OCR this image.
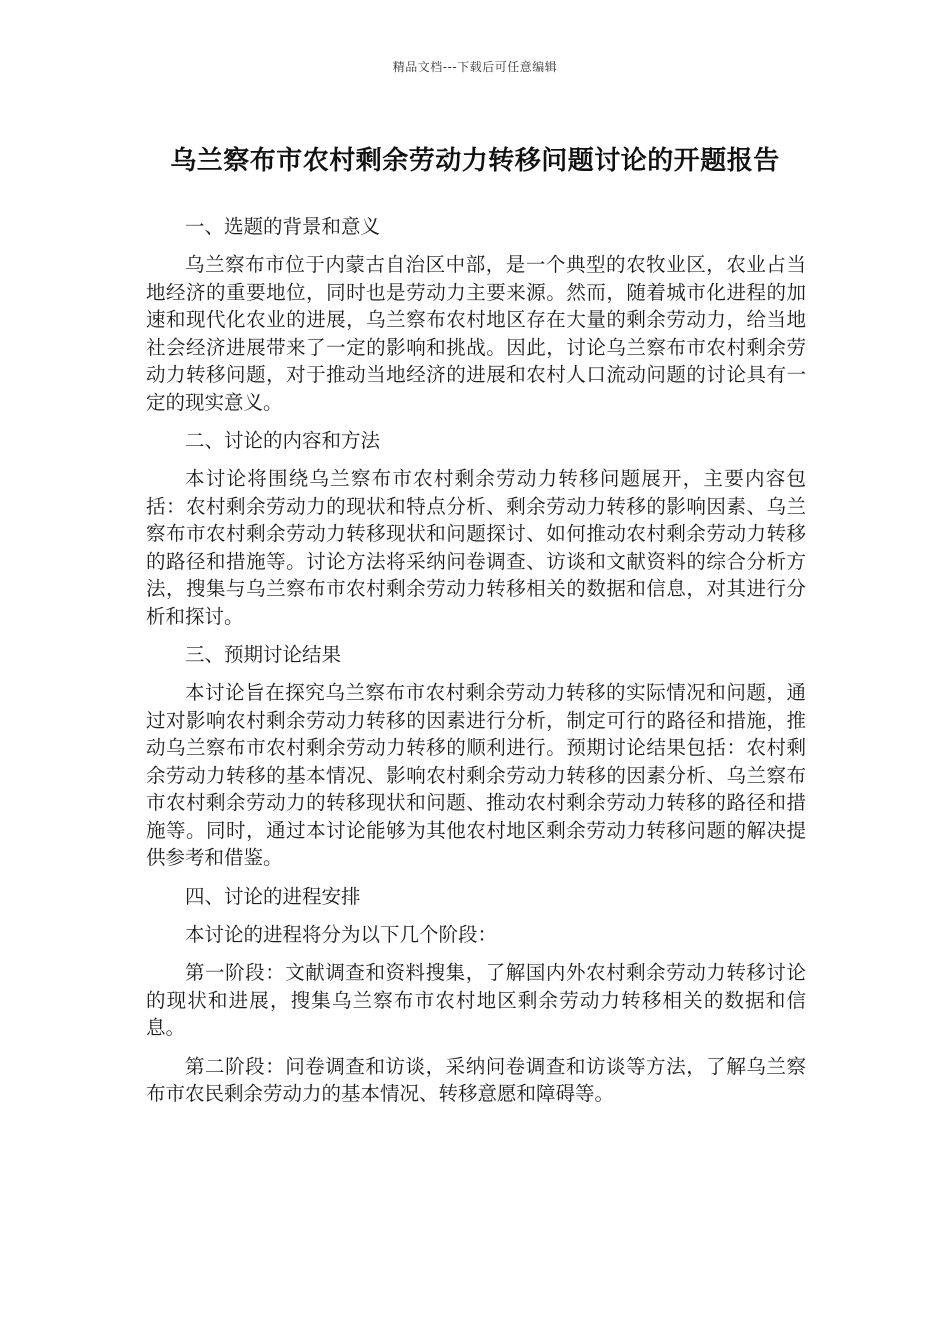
精品文档---下载后可任意编辑
乌兰察布市农村剩余劳动力转移问题讨论的开题报告
一、选题的背景和意义
乌兰察布市位于内蒙古自治区中部，是一个典型的农牧业区，农业占当地经济的重要地位，同时也是劳动力主要来源。然而，随着城市化进程的加速和现代化农业的进展，乌兰察布农村地区存在大量的剩余劳动力，给当地社会经济进展带来了一定的影响和挑战。因此，讨论乌兰察布市农村剩余劳动力转移问题，对于推动当地经济的进展和农村人口流动问题的讨论具有一定的现实意义。
二、讨论的内容和方法
本讨论将围绕乌兰察布市农村剩余劳动力转移问题展开，主要内容包括：农村剩余劳动力的现状和特点分析、剩余劳动力转移的影响因素、乌兰察布市农村剩余劳动力转移现状和问题探讨、如何推动农村剩余劳动力转移的路径和措施等。讨论方法将采纳问卷调查、访谈和文献资料的综合分析方法，搜集与乌兰察布市农村剩余劳动力转移相关的数据和信息，对其进行分析和探讨。
三、预期讨论结果
本讨论旨在探究乌兰察布市农村剩余劳动力转移的实际情况和问题，通过对影响农村剩余劳动力转移的因素进行分析，制定可行的路径和措施，推动乌兰察布市农村剩余劳动力转移的顺利进行。预期讨论结果包括：农村剩余劳动力转移的基本情况、影响农村剩余劳动力转移的因素分析、乌兰察布市农村剩余劳动力的转移现状和问题、推动农村剩余劳动力转移的路径和措施等。同时，通过本讨论能够为其他农村地区剩余劳动力转移问题的解决提供参考和借鉴。
四、讨论的进程安排
本讨论的进程将分为以下几个阶段：
第一阶段：文献调查和资料搜集，了解国内外农村剩余劳动力转移讨论的现状和进展，搜集乌兰察布市农村地区剩余劳动力转移相关的数据和信息。
第二阶段：问卷调查和访谈，采纳问卷调查和访谈等方法，了解乌兰察布市农民剩余劳动力的基本情况、转移意愿和障碍等。
